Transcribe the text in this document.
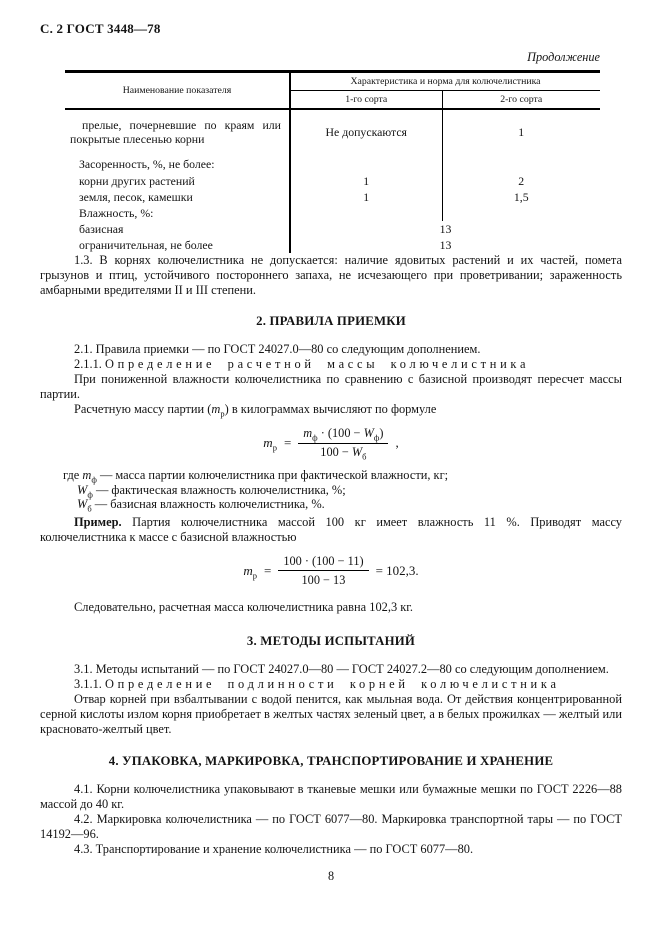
С. 2 ГОСТ 3448—78
Продолжение
Наименование показателя	Характеристика и норма для колючелистника	
	1-го сорта	2-го сорта

прелые, почерневшие по краям или покрытые плесенью корни	Не допускаются	1
Засоренность, %, не более:		
корни других растений	1	2
земля, песок, камешки	1	1,5
Влажность, %:		
базисная	13	
ограничительная, не более	13	

1.3. В корнях колючелистника не допускается: наличие ядовитых растений и их частей, помета грызунов и птиц, устойчивого постороннего запаха, не исчезающего при проветривании; зараженность амбарными вредителями II и III степени.

2. ПРАВИЛА ПРИЕМКИ

2.1. Правила приемки — по ГОСТ 24027.0—80 со следующим дополнением.

2.1.1. Определение расчетной массы колючелистника

При пониженной влажности колючелистника по сравнению с базисной производят пересчет массы партии.

Расчетную массу партии $(m_р)$ в килограммах вычисляют по формуле

$m_р = \frac{m_ф \cdot (100 - W_ф)}{100 - W_б}$ ,
где $m_ф$ — масса партии колючелистника при фактической влажности, кг;
$W_ф$ — фактическая влажность колючелистника, %;
$W_б$ — базисная влажность колючелистника, %.

Пример. Партия колючелистника массой 100 кг имеет влажность 11 %. Приводят массу колючелистника к массе с базисной влажностью

$m_р = \frac{100 \cdot (100 - 11)}{100 - 13} = 102,3$.

Следовательно, расчетная масса колючелистника равна 102,3 кг.

3. МЕТОДЫ ИСПЫТАНИЙ

3.1. Методы испытаний — по ГОСТ 24027.0—80 — ГОСТ 24027.2—80 со следующим дополнением.

3.1.1. Определение подлинности корней колючелистника

Отвар корней при взбалтывании с водой пенится, как мыльная вода. От действия концентрированной серной кислоты излом корня приобретает в желтых частях зеленый цвет, а в белых прожилках — желтый или красновато-желтый цвет.

4. УПАКОВКА, МАРКИРОВКА, ТРАНСПОРТИРОВАНИЕ И ХРАНЕНИЕ

4.1. Корни колючелистника упаковывают в тканевые мешки или бумажные мешки по ГОСТ 2226—88 массой до 40 кг.

4.2. Маркировка колючелистника — по ГОСТ 6077—80. Маркировка транспортной тары — по ГОСТ 14192—96.

4.3. Транспортирование и хранение колючелистника — по ГОСТ 6077—80.

8
